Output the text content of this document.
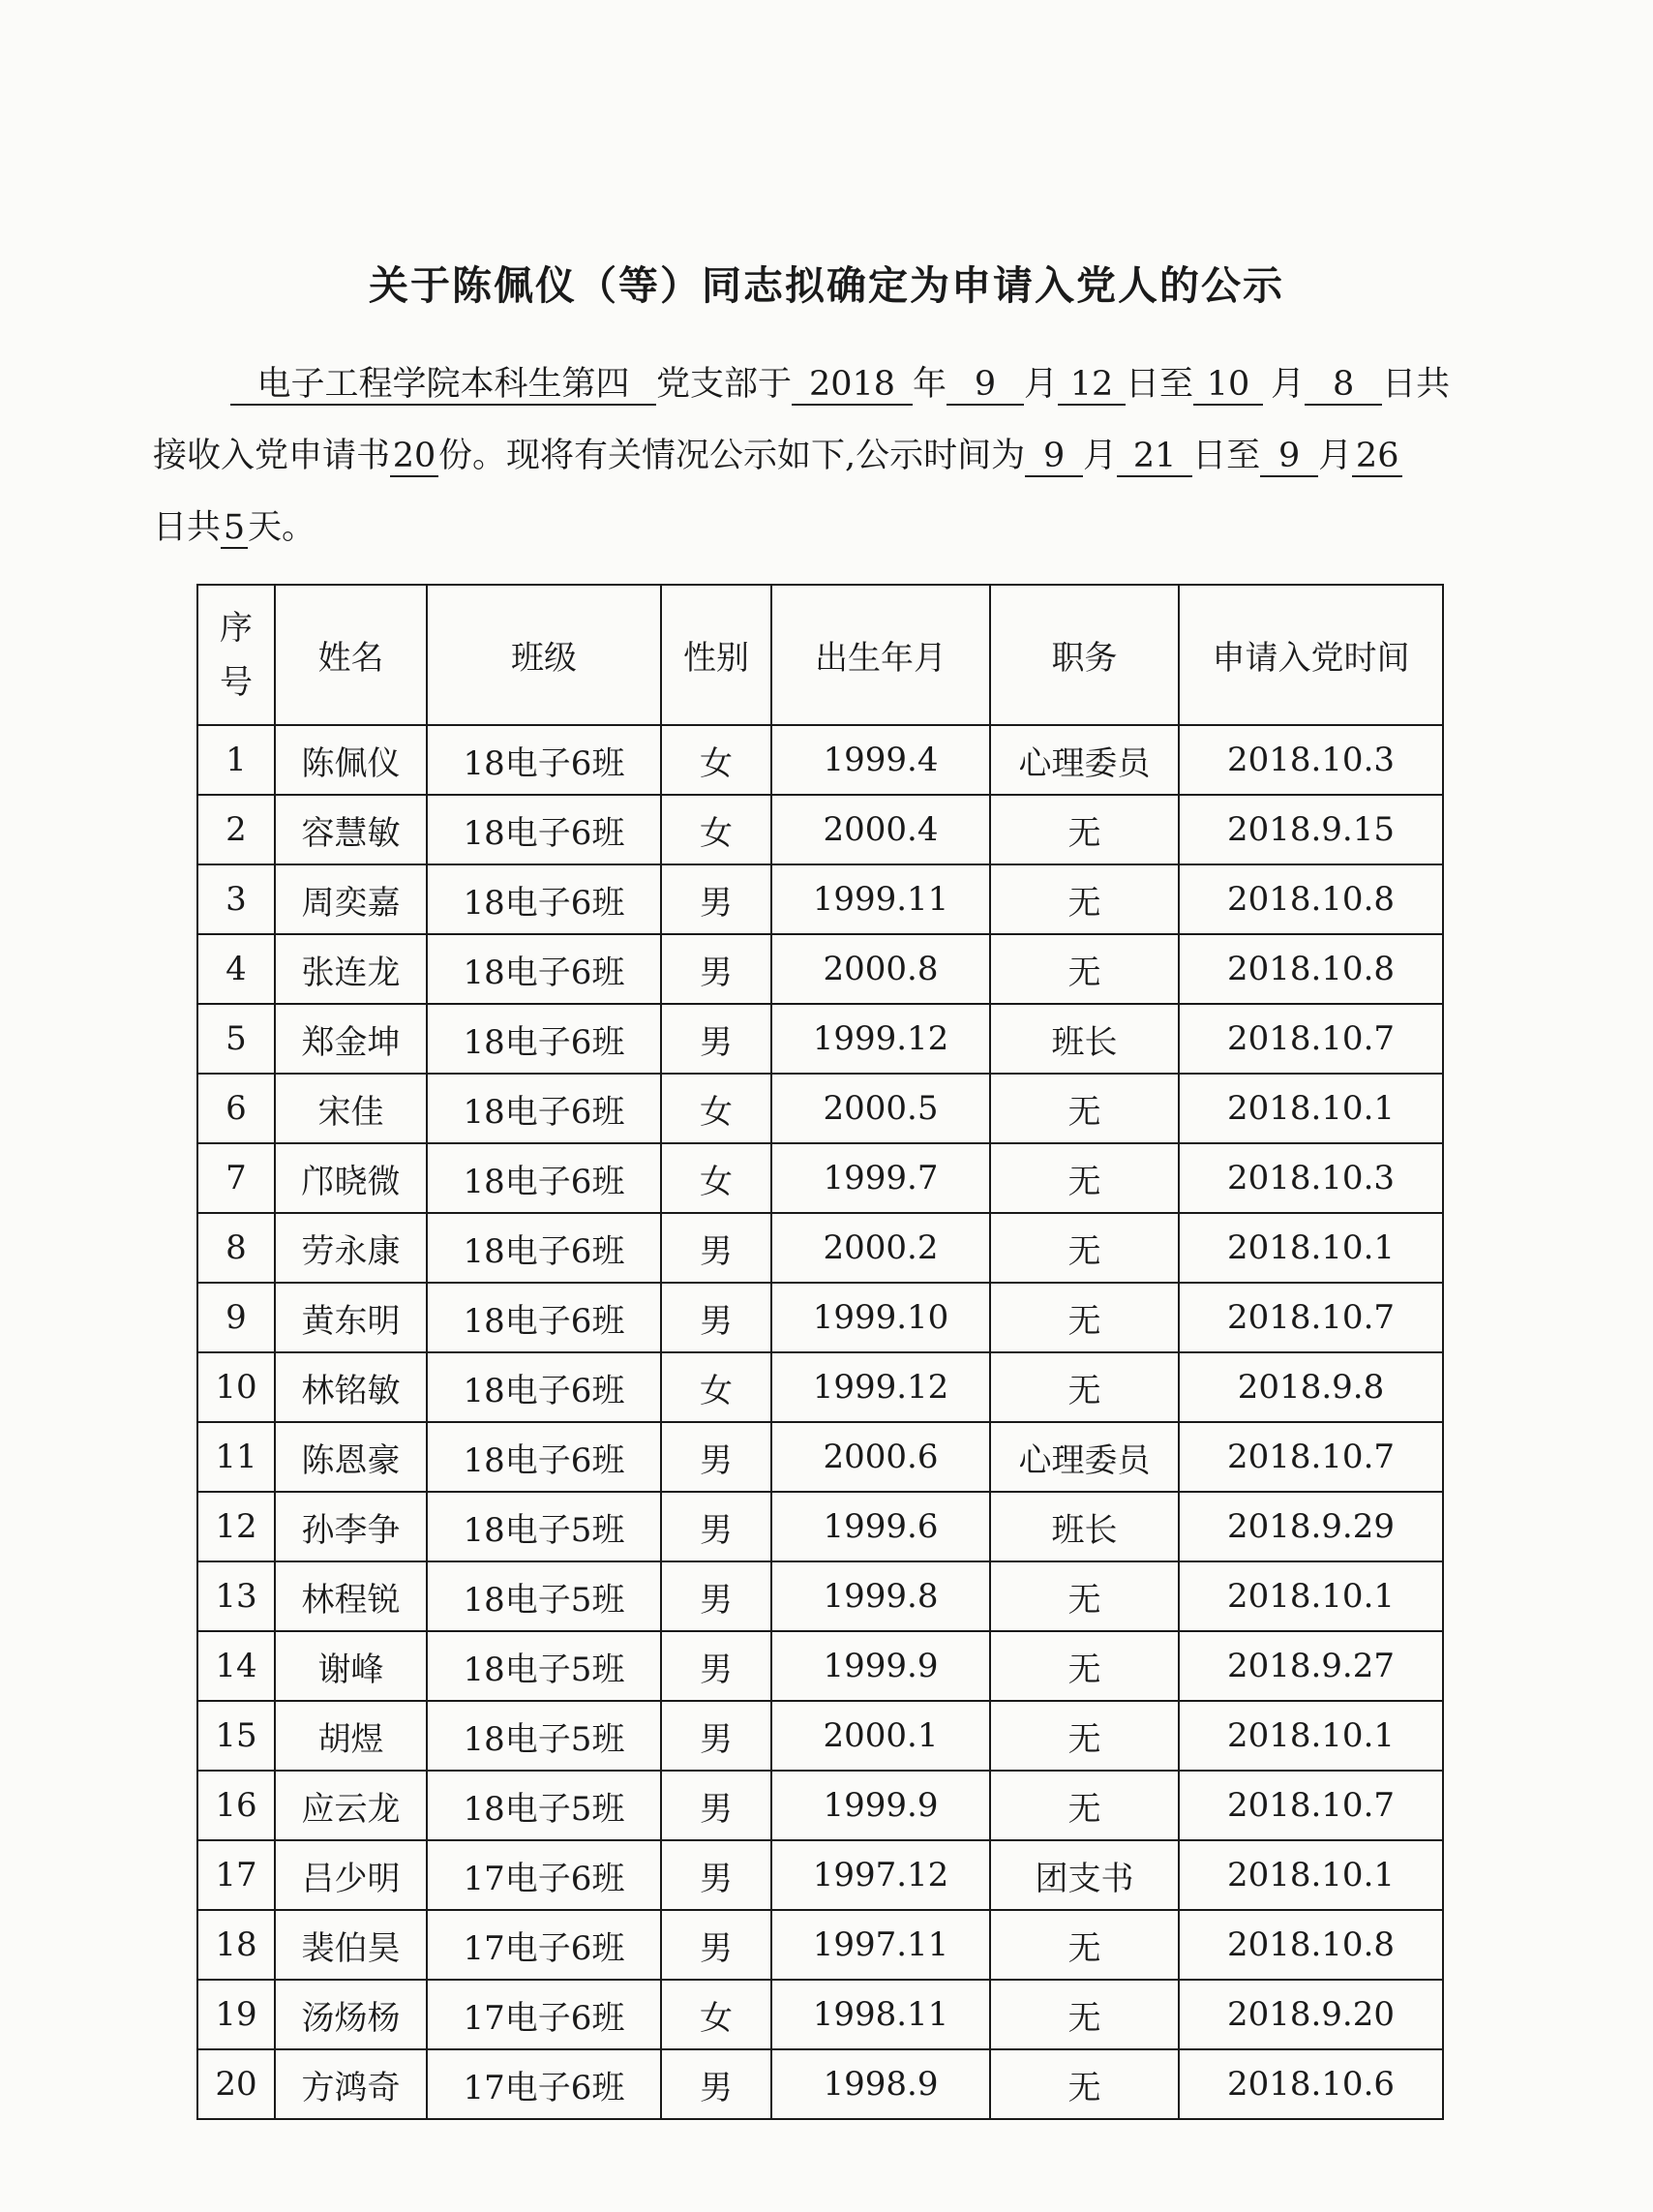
关于陈佩仪（等）同志拟确定为申请入党人的公示
电子工程学院本科生第四 党支部于 2018 年 9 月 12 日至 10 月 8 日共
接收入党申请书20份。现将有关情况公示如下,公示时间为 9 月 21 日至 9 月 26
日共5天。
序
号	姓名	班级	性别	出生年月	职务	申请入党时间
1	陈佩仪	18电子6班	女	1999.4	心理委员	2018.10.3
2	容慧敏	18电子6班	女	2000.4	无	2018.9.15
3	周奕嘉	18电子6班	男	1999.11	无	2018.10.8
4	张连龙	18电子6班	男	2000.8	无	2018.10.8
5	郑金坤	18电子6班	男	1999.12	班长	2018.10.7
6	宋佳	18电子6班	女	2000.5	无	2018.10.1
7	邝晓微	18电子6班	女	1999.7	无	2018.10.3
8	劳永康	18电子6班	男	2000.2	无	2018.10.1
9	黄东明	18电子6班	男	1999.10	无	2018.10.7
10	林铭敏	18电子6班	女	1999.12	无	2018.9.8
11	陈恩豪	18电子6班	男	2000.6	心理委员	2018.10.7
12	孙李争	18电子5班	男	1999.6	班长	2018.9.29
13	林程锐	18电子5班	男	1999.8	无	2018.10.1
14	谢峰	18电子5班	男	1999.9	无	2018.9.27
15	胡煜	18电子5班	男	2000.1	无	2018.10.1
16	应云龙	18电子5班	男	1999.9	无	2018.10.7
17	吕少明	17电子6班	男	1997.12	团支书	2018.10.1
18	裴伯昊	17电子6班	男	1997.11	无	2018.10.8
19	汤炀杨	17电子6班	女	1998.11	无	2018.9.20
20	方鸿奇	17电子6班	男	1998.9	无	2018.10.6
